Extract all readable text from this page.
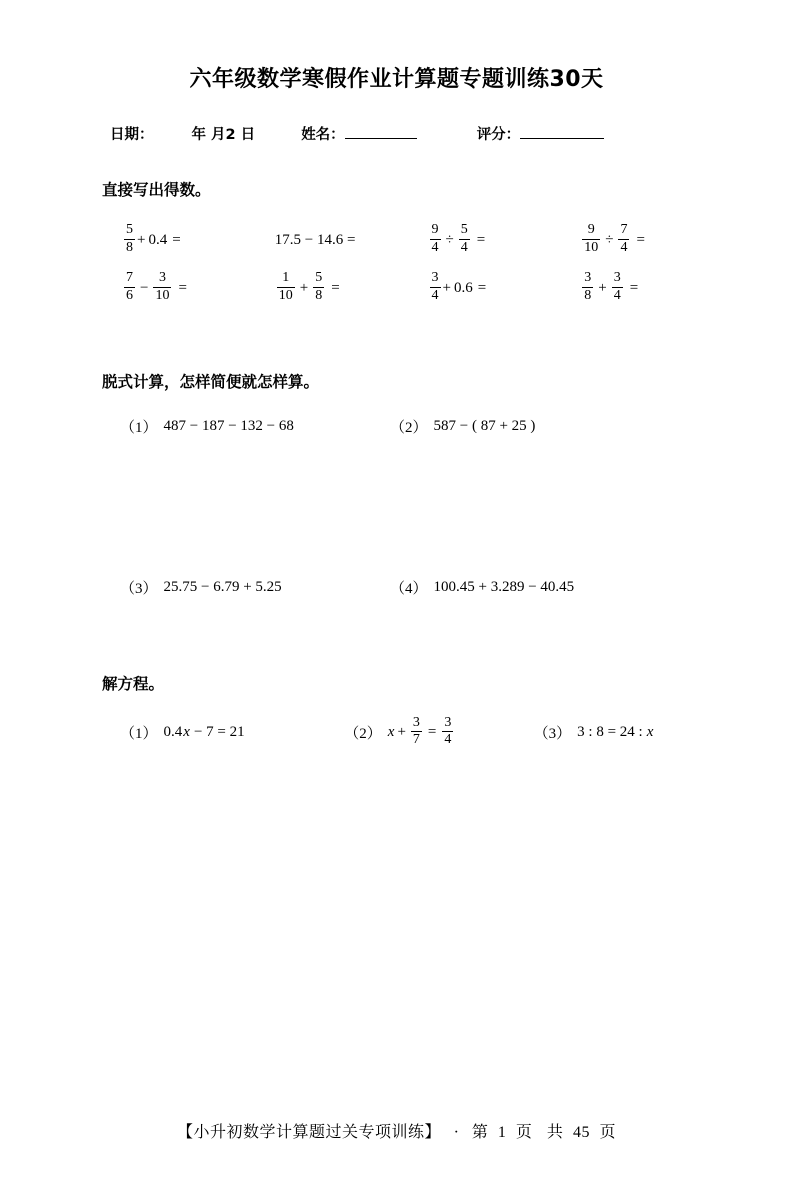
六年级数学寒假作业计算题专题训练30天
日期：	年 月2 日	姓名：	评分：
直接写出得数。
$\frac{5}{8} + 0.4$ =	17.5 − 14.6 =	$\frac{9}{4} \div \frac{5}{4}$ =	$\frac{9}{10} \div \frac{7}{4}$ =
$\frac{7}{6} - \frac{3}{10}$ =	$\frac{1}{10} + \frac{5}{8}$ =	$\frac{3}{4} + 0.6$ =	$\frac{3}{8} + \frac{3}{4}$ =
脱式计算，怎样简便就怎样算。
（1） 487 − 187 − 132 − 68	（2） 587 − ( 87 + 25 )
（3） 25.75 − 6.79 + 5.25	（4） 100.45 + 3.289 − 40.45
解方程。
（1） 0.4 x − 7 = 21	（2） $x + \frac{3}{7} = \frac{3}{4}$	（3） 3 : 8 = 24 : x
【小升初数学计算题过关专项训练】 · 第 1 页 共 45 页
